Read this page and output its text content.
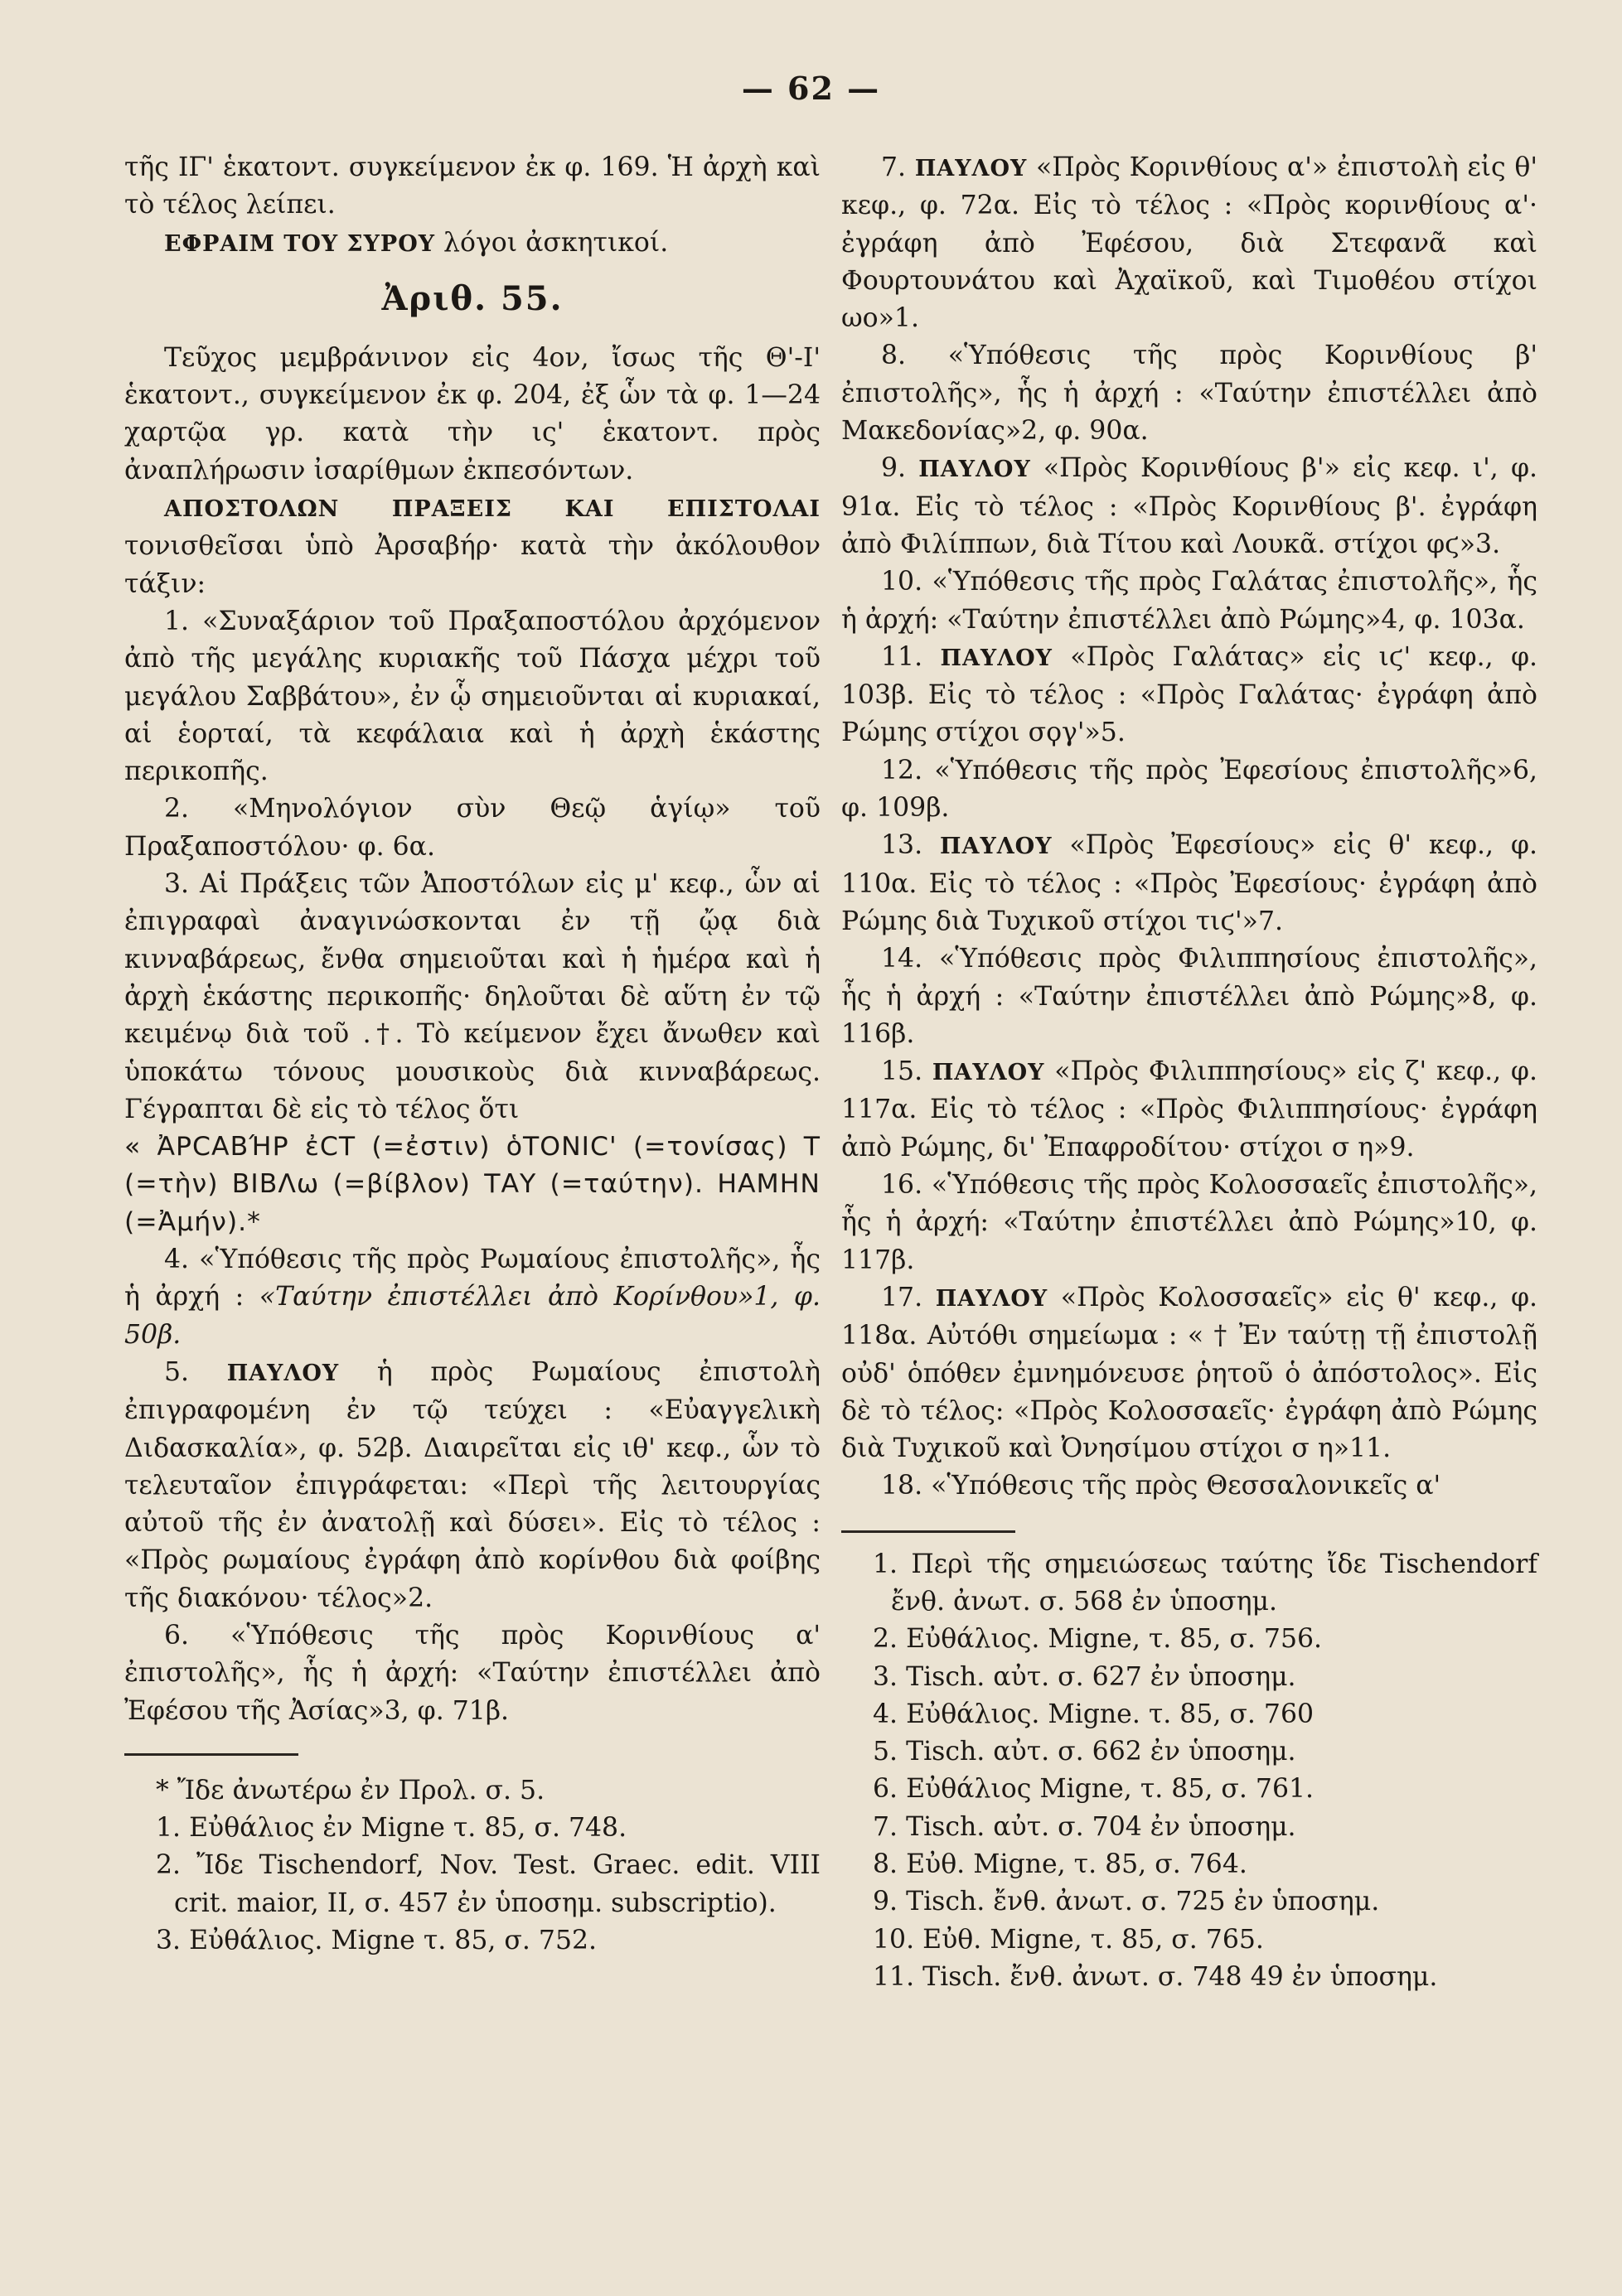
— 62 —

τῆς ΙΓ' ἑκατοντ. συγκείμενον ἐκ φ. 169. Ἡ ἀρχὴ καὶ τὸ τέλος λείπει.

ΕΦΡΑΙΜ ΤΟΥ ΣΥΡΟΥ λόγοι ἀσκητικοί.

Ἀριθ. 55.

Τεῦχος μεμβράνινον εἰς 4ον, ἴσως τῆς Θ'-Ι' ἑκατοντ., συγκείμενον ἐκ φ. 204, ἐξ ὧν τὰ φ. 1—24 χαρτῷα γρ. κατὰ τὴν ις' ἑκατοντ. πρὸς ἀναπλήρωσιν ἰσαρίθμων ἐκπεσόντων.

ΑΠΟΣΤΟΛΩΝ ΠΡΑΞΕΙΣ ΚΑΙ ΕΠΙΣΤΟΛΑΙ τονισθεῖσαι ὑπὸ Ἀρσαβήρ· κατὰ τὴν ἀκόλουθον τάξιν:

1. «Συναξάριον τοῦ Πραξαποστόλου ἀρχόμενον ἀπὸ τῆς μεγάλης κυριακῆς τοῦ Πάσχα μέχρι τοῦ μεγάλου Σαββάτου», ἐν ᾧ σημειοῦνται αἱ κυριακαί, αἱ ἑορταί, τὰ κεφάλαια καὶ ἡ ἀρχὴ ἑκάστης περικοπῆς.

2. «Μηνολόγιον σὺν Θεῷ ἁγίῳ» τοῦ Πραξαποστόλου· φ. 6α.

3. Αἱ Πράξεις τῶν Ἀποστόλων εἰς μ' κεφ., ὧν αἱ ἐπιγραφαὶ ἀναγινώσκονται ἐν τῇ ᾤᾳ διὰ κινναβάρεως, ἔνθα σημειοῦται καὶ ἡ ἡμέρα καὶ ἡ ἀρχὴ ἑκάστης περικοπῆς· δηλοῦται δὲ αὕτη ἐν τῷ κειμένῳ διὰ τοῦ .†. Τὸ κείμενον ἔχει ἄνωθεν καὶ ὑποκάτω τόνους μουσικοὺς διὰ κινναβάρεως. Γέγραπται δὲ εἰς τὸ τέλος ὅτι

« ἈΡCΑΒΉΡ ἐCΤ (=ἐστιν) ὁTONIC' (=τονίσας) T (=τὴν) BIBΛω (=βίβλον) ΤΑΥ (=ταύτην). HAMΗΝ (=Ἀμήν).*

4. «Ὑπόθεσις τῆς πρὸς Ρωμαίους ἐπιστολῆς», ἧς ἡ ἀρχή : «Ταύτην ἐπιστέλλει ἀπὸ Κορίνθου»1, φ. 50β.

5. ΠΑΥΛΟΥ ἡ πρὸς Ρωμαίους ἐπιστολὴ ἐπιγραφομένη ἐν τῷ τεύχει : «Εὐαγγελικὴ Διδασκαλία», φ. 52β. Διαιρεῖται εἰς ιθ' κεφ., ὧν τὸ τελευταῖον ἐπιγράφεται: «Περὶ τῆς λειτουργίας αὐτοῦ τῆς ἐν ἀνατολῇ καὶ δύσει». Εἰς τὸ τέλος : «Πρὸς ρωμαίους ἐγράφη ἀπὸ κορίνθου διὰ φοίβης τῆς διακόνου· τέλος»2.

6. «Ὑπόθεσις τῆς πρὸς Κορινθίους α' ἐπιστολῆς», ἧς ἡ ἀρχή: «Ταύτην ἐπιστέλλει ἀπὸ Ἐφέσου τῆς Ἀσίας»3, φ. 71β.

* Ἴδε ἀνωτέρω ἐν Προλ. σ. 5.

1. Εὐθάλιος ἐν Migne τ. 85, σ. 748.

2. Ἴδε Tischendorf, Nov. Test. Graec. edit. VIII crit. maior, II, σ. 457 ἐν ὑποσημ. subscriptio).

3. Εὐθάλιος. Migne τ. 85, σ. 752.

7. ΠΑΥΛΟΥ «Πρὸς Κορινθίους α'» ἐπιστολὴ εἰς θ' κεφ., φ. 72α. Εἰς τὸ τέλος : «Πρὸς κορινθίους α'· ἐγράφη ἀπὸ Ἐφέσου, διὰ Στεφανᾶ καὶ Φουρτουνάτου καὶ Ἀχαϊκοῦ, καὶ Τιμοθέου στίχοι ωο»1.

8. «Ὑπόθεσις τῆς πρὸς Κορινθίους β' ἐπιστολῆς», ἧς ἡ ἀρχή : «Ταύτην ἐπιστέλλει ἀπὸ Μακεδονίας»2, φ. 90α.

9. ΠΑΥΛΟΥ «Πρὸς Κορινθίους β'» εἰς κεφ. ι', φ. 91α. Εἰς τὸ τέλος : «Πρὸς Κορινθίους β'. ἐγράφη ἀπὸ Φιλίππων, διὰ Τίτου καὶ Λουκᾶ. στίχοι φϛ»3.

10. «Ὑπόθεσις τῆς πρὸς Γαλάτας ἐπιστολῆς», ἧς ἡ ἀρχή: «Ταύτην ἐπιστέλλει ἀπὸ Ρώμης»4, φ. 103α.

11. ΠΑΥΛΟΥ «Πρὸς Γαλάτας» εἰς ιϛ' κεφ., φ. 103β. Εἰς τὸ τέλος : «Πρὸς Γαλάτας· ἐγράφη ἀπὸ Ρώμης στίχοι σϙγ'»5.

12. «Ὑπόθεσις τῆς πρὸς Ἐφεσίους ἐπιστολῆς»6, φ. 109β.

13. ΠΑΥΛΟΥ «Πρὸς Ἐφεσίους» εἰς θ' κεφ., φ. 110α. Εἰς τὸ τέλος : «Πρὸς Ἐφεσίους· ἐγράφη ἀπὸ Ρώμης διὰ Τυχικοῦ στίχοι τιϛ'»7.

14. «Ὑπόθεσις πρὸς Φιλιππησίους ἐπιστολῆς», ἧς ἡ ἀρχή : «Ταύτην ἐπιστέλλει ἀπὸ Ρώμης»8, φ. 116β.

15. ΠΑΥΛΟΥ «Πρὸς Φιλιππησίους» εἰς ζ' κεφ., φ. 117α. Εἰς τὸ τέλος : «Πρὸς Φιλιππησίους· ἐγράφη ἀπὸ Ρώμης, δι' Ἐπαφροδίτου· στίχοι σ η»9.

16. «Ὑπόθεσις τῆς πρὸς Κολοσσαεῖς ἐπιστολῆς», ἧς ἡ ἀρχή: «Ταύτην ἐπιστέλλει ἀπὸ Ρώμης»10, φ. 117β.

17. ΠΑΥΛΟΥ «Πρὸς Κολοσσαεῖς» εἰς θ' κεφ., φ. 118α. Αὐτόθι σημείωμα : « † Ἐν ταύτῃ τῇ ἐπιστολῇ οὐδ' ὁπόθεν ἐμνημόνευσε ῥητοῦ ὁ ἀπόστολος». Εἰς δὲ τὸ τέλος: «Πρὸς Κολοσσαεῖς· ἐγράφη ἀπὸ Ρώμης διὰ Τυχικοῦ καὶ Ὀνησίμου στίχοι σ η»11.

18. «Ὑπόθεσις τῆς πρὸς Θεσσαλονικεῖς α'

1. Περὶ τῆς σημειώσεως ταύτης ἴδε Tischendorf ἔνθ. ἀνωτ. σ. 568 ἐν ὑποσημ.

2. Εὐθάλιος. Migne, τ. 85, σ. 756.

3. Tisch. αὐτ. σ. 627 ἐν ὑποσημ.

4. Εὐθάλιος. Migne. τ. 85, σ. 760

5. Tisch. αὐτ. σ. 662 ἐν ὑποσημ.

6. Εὐθάλιος Migne, τ. 85, σ. 761.

7. Tisch. αὐτ. σ. 704 ἐν ὑποσημ.

8. Εὐθ. Migne, τ. 85, σ. 764.

9. Tisch. ἔνθ. ἀνωτ. σ. 725 ἐν ὑποσημ.

10. Εὐθ. Migne, τ. 85, σ. 765.

11. Tisch. ἔνθ. ἀνωτ. σ. 748 49 ἐν ὑποσημ.
